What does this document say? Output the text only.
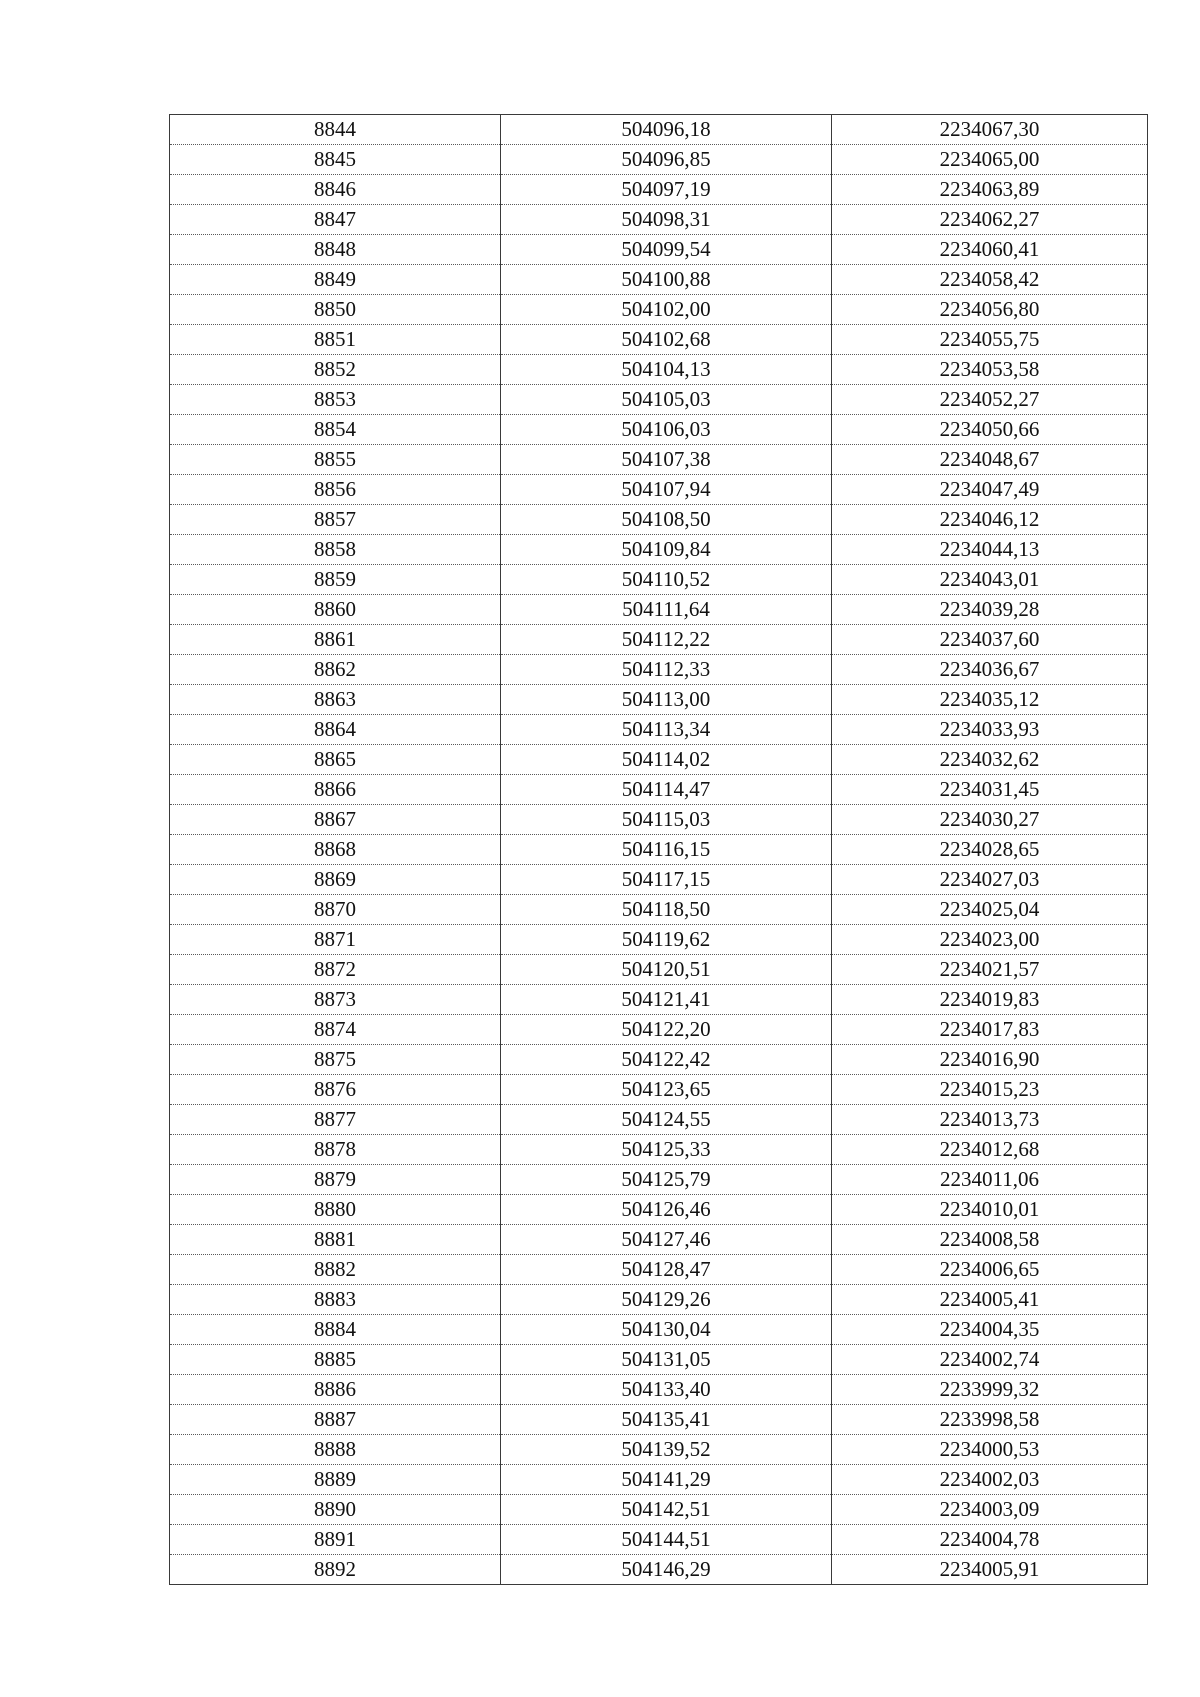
8844	504096,18	2234067,30
8845	504096,85	2234065,00
8846	504097,19	2234063,89
8847	504098,31	2234062,27
8848	504099,54	2234060,41
8849	504100,88	2234058,42
8850	504102,00	2234056,80
8851	504102,68	2234055,75
8852	504104,13	2234053,58
8853	504105,03	2234052,27
8854	504106,03	2234050,66
8855	504107,38	2234048,67
8856	504107,94	2234047,49
8857	504108,50	2234046,12
8858	504109,84	2234044,13
8859	504110,52	2234043,01
8860	504111,64	2234039,28
8861	504112,22	2234037,60
8862	504112,33	2234036,67
8863	504113,00	2234035,12
8864	504113,34	2234033,93
8865	504114,02	2234032,62
8866	504114,47	2234031,45
8867	504115,03	2234030,27
8868	504116,15	2234028,65
8869	504117,15	2234027,03
8870	504118,50	2234025,04
8871	504119,62	2234023,00
8872	504120,51	2234021,57
8873	504121,41	2234019,83
8874	504122,20	2234017,83
8875	504122,42	2234016,90
8876	504123,65	2234015,23
8877	504124,55	2234013,73
8878	504125,33	2234012,68
8879	504125,79	2234011,06
8880	504126,46	2234010,01
8881	504127,46	2234008,58
8882	504128,47	2234006,65
8883	504129,26	2234005,41
8884	504130,04	2234004,35
8885	504131,05	2234002,74
8886	504133,40	2233999,32
8887	504135,41	2233998,58
8888	504139,52	2234000,53
8889	504141,29	2234002,03
8890	504142,51	2234003,09
8891	504144,51	2234004,78
8892	504146,29	2234005,91
